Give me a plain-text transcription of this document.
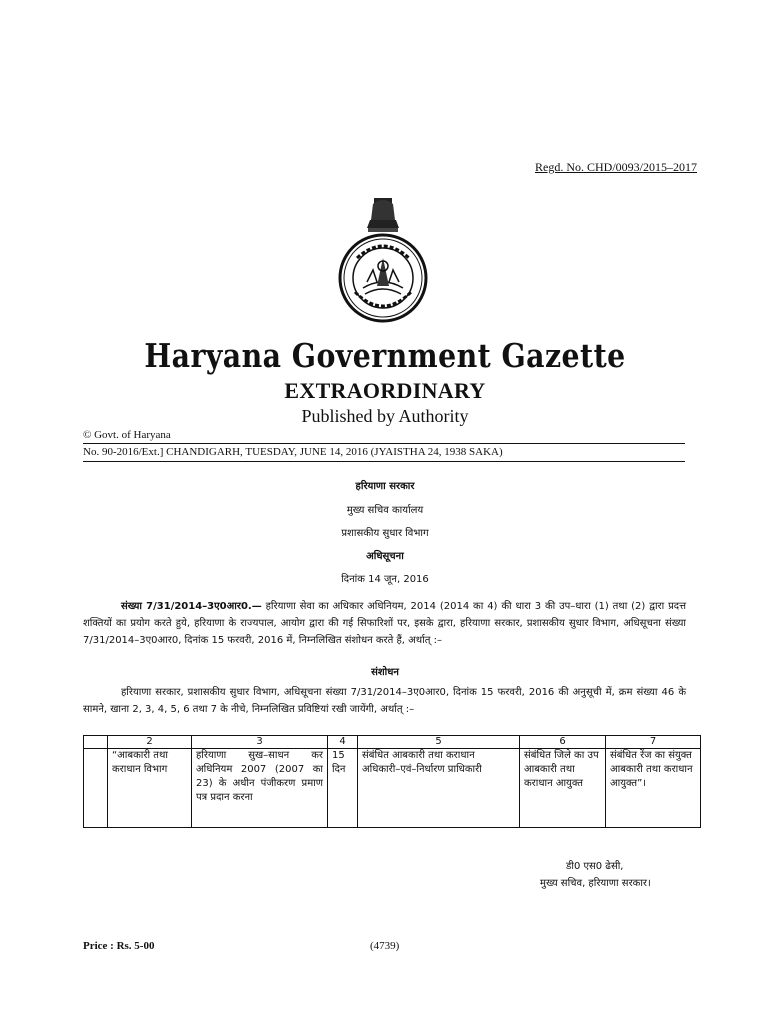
Regd. No. CHD/0093/2015–2017
Haryana Government Gazette
EXTRAORDINARY
Published by Authority
© Govt. of Haryana
No. 90-2016/Ext.] CHANDIGARH, TUESDAY, JUNE 14, 2016 (JYAISTHA 24, 1938 SAKA)
हरियाणा सरकार
मुख्य सचिव कार्यालय
प्रशासकीय सुधार विभाग
अधिसूचना
दिनांक 14 जून, 2016
संख्या 7/31/2014–3ए0आर0.— हरियाणा सेवा का अधिकार अधिनियम, 2014 (2014 का 4) की धारा 3 की उप–धारा (1) तथा (2) द्वारा प्रदत्त शक्तियों का प्रयोग करते हुये, हरियाणा के राज्यपाल, आयोग द्वारा की गई सिफारिशों पर, इसके द्वारा, हरियाणा सरकार, प्रशासकीय सुधार विभाग, अधिसूचना संख्या 7/31/2014–3ए0आर0, दिनांक 15 फरवरी, 2016 में, निम्नलिखित संशोधन करते हैं, अर्थात् :–
संशोधन
हरियाणा सरकार, प्रशासकीय सुधार विभाग, अधिसूचना संख्या 7/31/2014–3ए0आर0, दिनांक 15 फरवरी, 2016 की अनुसूची में, क्रम संख्या 46 के सामने, खाना 2, 3, 4, 5, 6 तथा 7 के नीचे, निम्नलिखित प्रविष्टियां रखी जायेंगी, अर्थात् :–
	2	3	4	5	6	7
	“आबकारी तथा कराधान विभाग	हरियाणा सुख–साधन कर अधिनियम 2007 (2007 का 23) के अधीन पंजीकरण प्रमाण पत्र प्रदान करना	15 दिन	संबंधित आबकारी तथा कराधान अधिकारी–एवं–निर्धारण प्राधिकारी	संबंधित जिले का उप आबकारी तथा कराधान आयुक्त	संबंधित रेंज का संयुक्त आबकारी तथा कराधान आयुक्त”।
डी0 एस0 ढेसी,
मुख्य सचिव, हरियाणा सरकार।
Price : Rs. 5-00	(4739)
